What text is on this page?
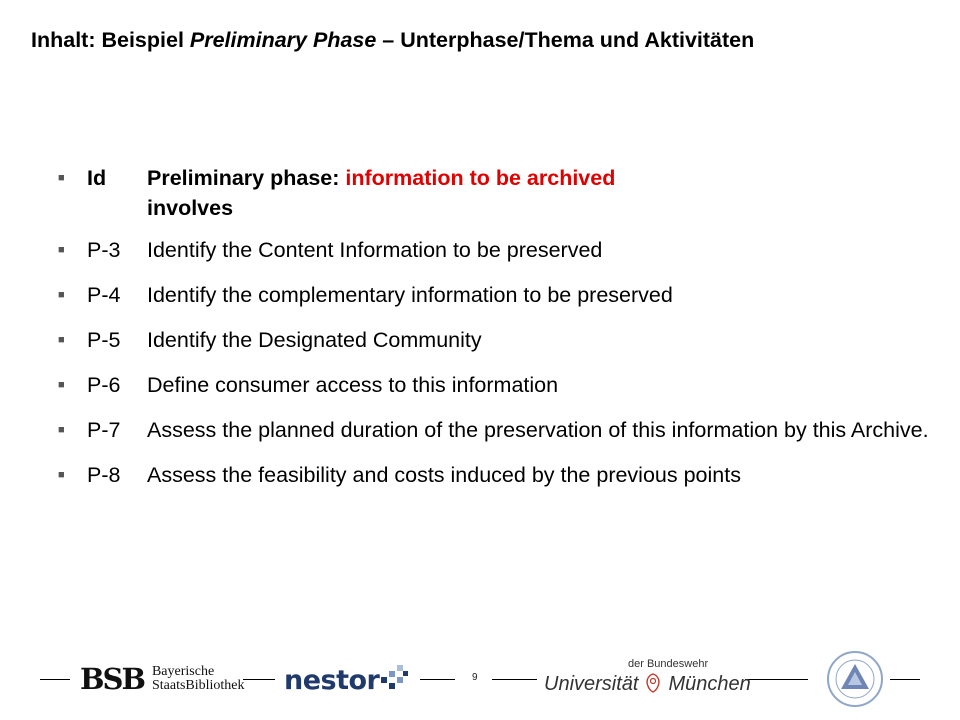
Inhalt: Beispiel Preliminary Phase – Unterphase/Thema und Aktivitäten
■
Id	Preliminary phase: information to be archived
involves
■
P-3	Identify the Content Information to be preserved
■
P-4	Identify the complementary information to be preserved
■
P-5	Identify the Designated Community
■
P-6	Define consumer access to this information
■
P-7	Assess the planned duration of the preservation of this information by this Archive.
■
P-8	Assess the feasibility and costs induced by the previous points
BSB Bayerische
StaatsBibliothek nestor	9
der Bundeswehr
Universität München
